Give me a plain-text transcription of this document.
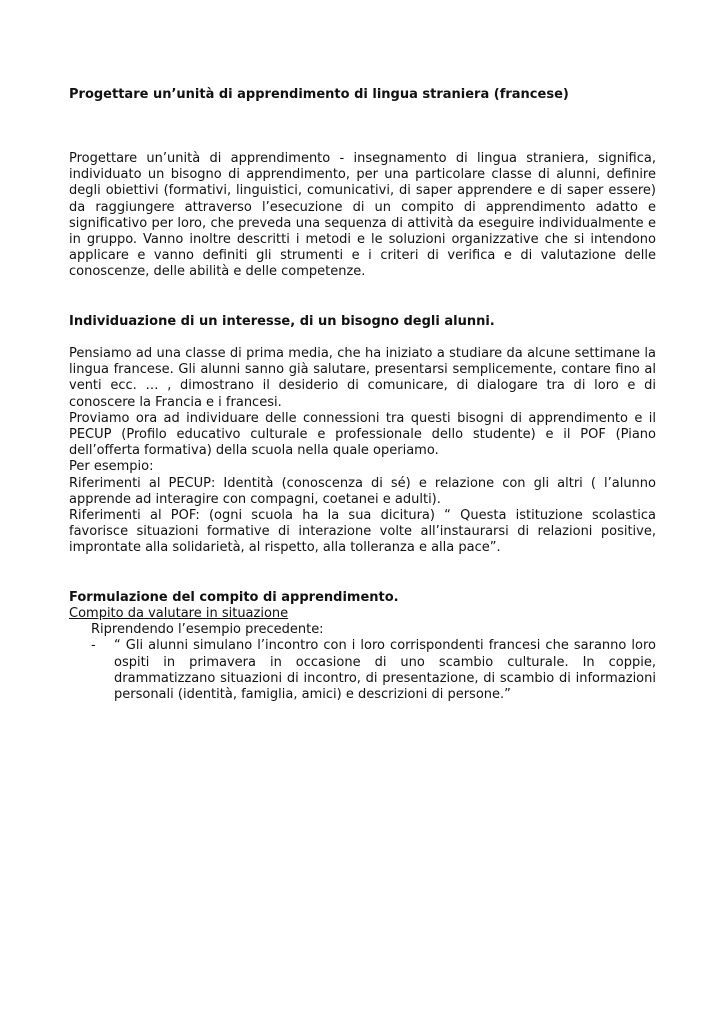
Progettare un’unità di apprendimento di lingua straniera (francese)

Progettare un’unità di apprendimento - insegnamento di lingua straniera, significa, individuato un bisogno di apprendimento, per una particolare classe di alunni, definire degli obiettivi (formativi, linguistici, comunicativi, di saper apprendere e di saper essere) da raggiungere attraverso l’esecuzione di un compito di apprendimento adatto e significativo per loro, che preveda una sequenza di attività da eseguire individualmente e in gruppo. Vanno inoltre descritti i metodi e le soluzioni organizzative che si intendono applicare e vanno definiti gli strumenti e i criteri di verifica e di valutazione delle conoscenze, delle abilità e delle competenze.

Individuazione di un interesse, di un bisogno degli alunni.

Pensiamo ad una classe di prima media, che ha iniziato a studiare da alcune settimane la lingua francese. Gli alunni sanno già salutare, presentarsi semplicemente, contare fino al venti ecc. … , dimostrano il desiderio di comunicare, di dialogare tra di loro e di conoscere la Francia e i francesi.

Proviamo ora ad individuare delle connessioni tra questi bisogni di apprendimento e il PECUP (Profilo educativo culturale e professionale dello studente) e il POF (Piano dell’offerta formativa) della scuola nella quale operiamo.

Per esempio:

Riferimenti al PECUP: Identità (conoscenza di sé) e relazione con gli altri ( l’alunno apprende ad interagire con compagni, coetanei e adulti).

Riferimenti al POF: (ogni scuola ha la sua dicitura) “ Questa istituzione scolastica favorisce situazioni formative di interazione volte all’instaurarsi di relazioni positive, improntate alla solidarietà, al rispetto, alla tolleranza e alla pace”.

Formulazione del compito di apprendimento.

Compito da valutare in situazione

Riprendendo l’esempio precedente:

- “ Gli alunni simulano l’incontro con i loro corrispondenti francesi che saranno loro ospiti in primavera in occasione di uno scambio culturale. In coppie, drammatizzano situazioni di incontro, di presentazione, di scambio di informazioni personali (identità, famiglia, amici) e descrizioni di persone.”
